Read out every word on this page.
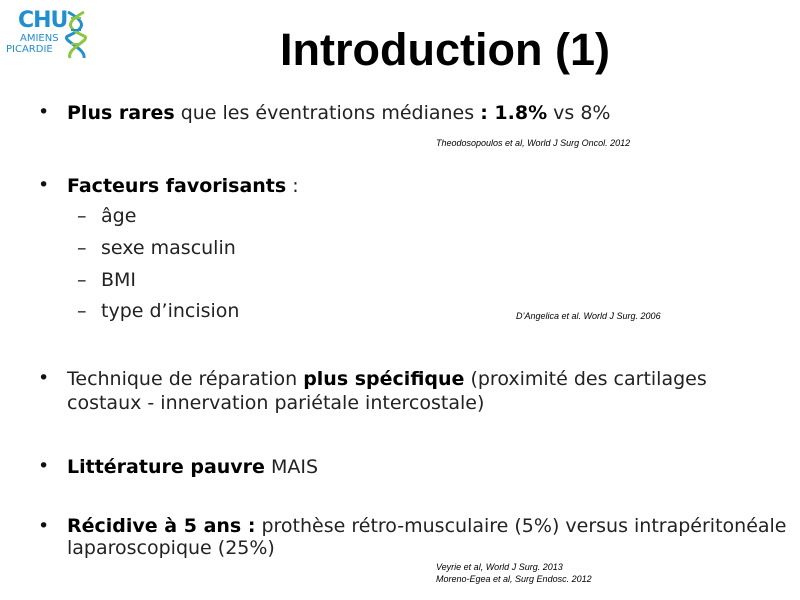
CHU
AMIENS
PICARDIE	Introduction (1)
• Plus rares que les éventrations médianes : 1.8% vs 8%
Theodosopoulos et al, World J Surg Oncol. 2012
• Facteurs favorisants :
– âge
– sexe masculin
– BMI
– type d’incision	D’Angelica et al. World J Surg. 2006
• Technique de réparation plus spécifique (proximité des cartilages costaux - innervation pariétale intercostale)
• Littérature pauvre MAIS
• Récidive à 5 ans : prothèse rétro-musculaire (5%) versus intrapéritonéale laparoscopique (25%)
Veyrie et al, World J Surg. 2013
Moreno-Egea et al, Surg Endosc. 2012
